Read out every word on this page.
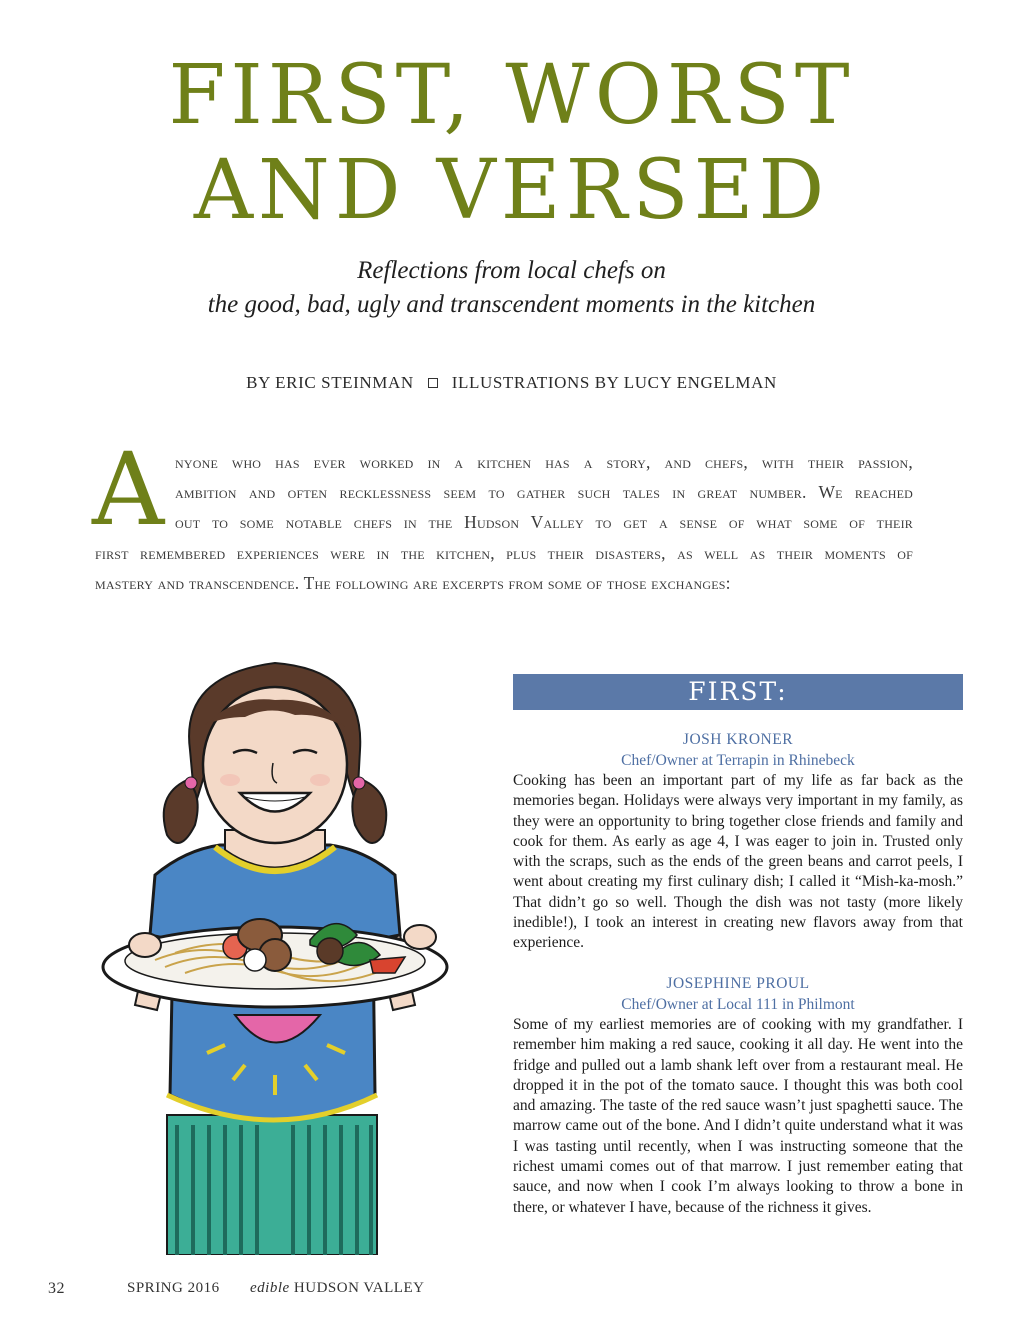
FIRST, WORST
AND VERSED

Reflections from local chefs on

the good, bad, ugly and transcendent moments in the kitchen

BY ERIC STEINMAN ILLUSTRATIONS BY LUCY ENGELMAN
A nyone who has ever worked in a kitchen has a story, and chefs, with their passion,
ambition and often recklessness seem to gather such tales in great number. We reached
out to some notable chefs in the Hudson Valley to get a sense of what some of their
first remembered experiences were in the kitchen, plus their disasters, as well as their moments of
mastery and transcendence. The following are excerpts from some of those exchanges:
FIRST:

JOSH KRONER

Chef/Owner at Terrapin in Rhinebeck

Cooking has been an important part of my life as far back as the memories began. Holidays were always very important in my family, as they were an opportunity to bring together close friends and family and cook for them. As early as age 4, I was eager to join in. Trusted only with the scraps, such as the ends of the green beans and carrot peels, I went about creating my first culinary dish; I called it “Mish-ka-mosh.” That didn’t go so well. Though the dish was not tasty (more likely inedible!), I took an interest in creating new flavors away from that experience.

JOSEPHINE PROUL

Chef/Owner at Local 111 in Philmont

Some of my earliest memories are of cooking with my grandfather. I remember him making a red sauce, cooking it all day. He went into the fridge and pulled out a lamb shank left over from a restaurant meal. He dropped it in the pot of the tomato sauce. I thought this was both cool and amazing. The taste of the red sauce wasn’t just spaghetti sauce. The marrow came out of the bone. And I didn’t quite understand what it was I was tasting until recently, when I was instructing someone that the richest umami comes out of that marrow. I just remember eating that sauce, and now when I cook I’m always looking to throw a bone in there, or whatever I have, because of the richness it gives.

32	SPRING 2016 edible HUDSON VALLEY
